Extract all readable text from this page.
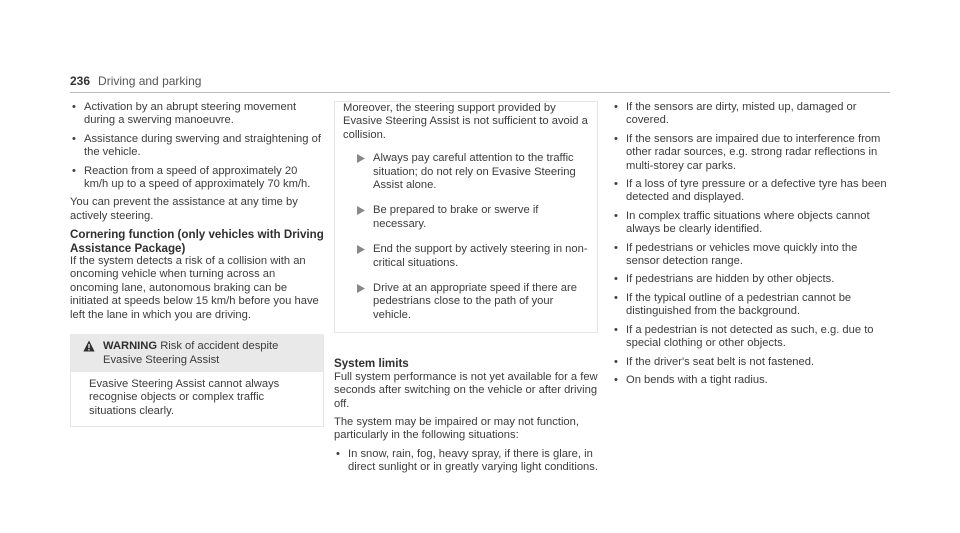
236 Driving and parking
• Activation by an abrupt steering movement during a swerving manoeuvre.
• Assistance during swerving and straightening of the vehicle.
• Reaction from a speed of approximately 20 km/h up to a speed of approximately 70 km/h.

You can prevent the assistance at any time by actively steering.

Cornering function (only vehicles with Driving Assistance Package)

If the system detects a risk of a collision with an oncoming vehicle when turning across an oncoming lane, autonomous braking can be initiated at speeds below 15 km/h before you have left the lane in which you are driving.

WARNING Risk of accident despite Evasive Steering Assist
Evasive Steering Assist cannot always recognise objects or complex traffic situations clearly.

Moreover, the steering support provided by Evasive Steering Assist is not sufficient to avoid a collision.

Always pay careful attention to the traffic situation; do not rely on Evasive Steering Assist alone.
Be prepared to brake or swerve if necessary.
End the support by actively steering in non-critical situations.
Drive at an appropriate speed if there are pedestrians close to the path of your vehicle.
System limits

Full system performance is not yet available for a few seconds after switching on the vehicle or after driving off.

The system may be impaired or may not function, particularly in the following situations:

• In snow, rain, fog, heavy spray, if there is glare, in direct sunlight or in greatly varying light conditions.
• If the sensors are dirty, misted up, damaged or covered.
• If the sensors are impaired due to interference from other radar sources, e.g. strong radar reflections in multi-storey car parks.
• If a loss of tyre pressure or a defective tyre has been detected and displayed.
• In complex traffic situations where objects cannot always be clearly identified.
• If pedestrians or vehicles move quickly into the sensor detection range.
• If pedestrians are hidden by other objects.
• If the typical outline of a pedestrian cannot be distinguished from the background.
• If a pedestrian is not detected as such, e.g. due to special clothing or other objects.
• If the driver's seat belt is not fastened.
• On bends with a tight radius.
